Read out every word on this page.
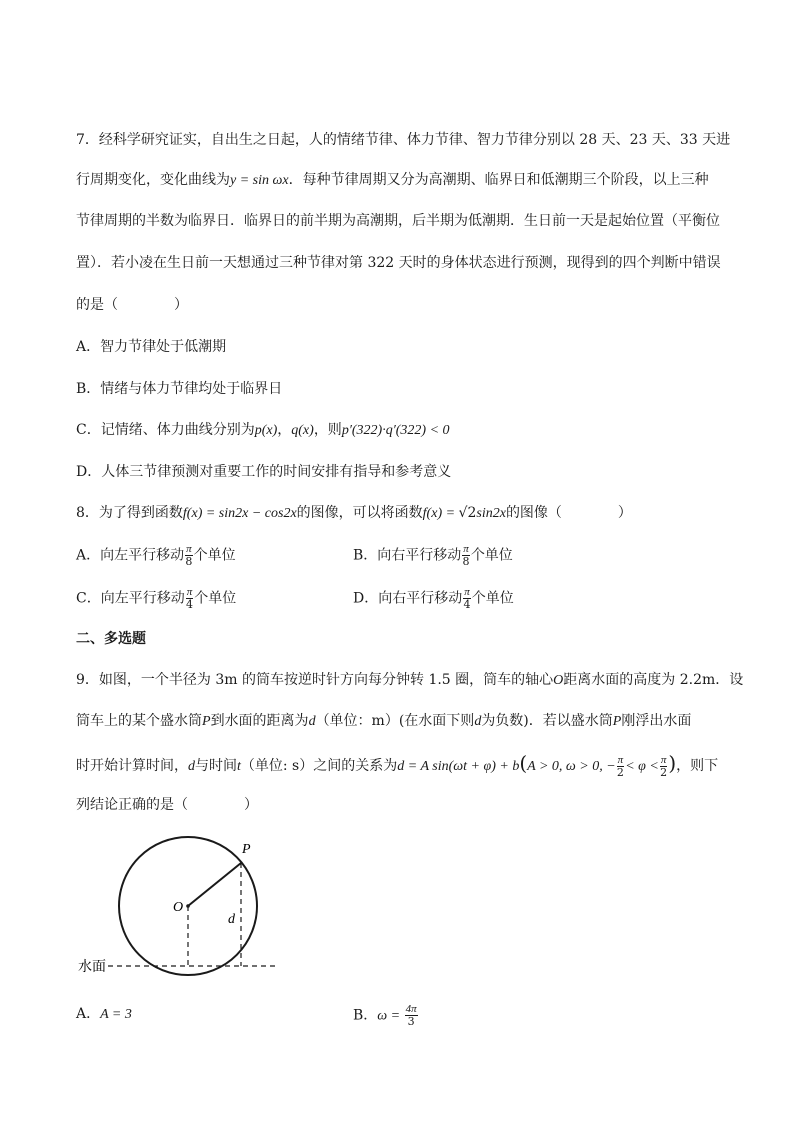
7．经科学研究证实，自出生之日起，人的情绪节律、体力节律、智力节律分别以 28 天、23 天、33 天进
行周期变化，变化曲线为y = sin ωx．每种节律周期又分为高潮期、临界日和低潮期三个阶段，以上三种
节律周期的半数为临界日．临界日的前半期为高潮期，后半期为低潮期．生日前一天是起始位置（平衡位
置）．若小凌在生日前一天想通过三种节律对第 322 天时的身体状态进行预测，现得到的四个判断中错误
的是（　　　　）
A．智力节律处于低潮期
B．情绪与体力节律均处于临界日
C．记情绪、体力曲线分别为p(x)，q(x)，则p′(322)·q′(322) < 0
D．人体三节律预测对重要工作的时间安排有指导和参考意义
8．为了得到函数f(x) = sin2x − cos2x的图像，可以将函数f(x) = √2sin2x的图像（　　　　）
A．向左平行移动 $\frac{\pi}{8}$ 个单位	B．向右平行移动 $\frac{\pi}{8}$ 个单位
C．向左平行移动 $\frac{\pi}{4}$ 个单位	D．向右平行移动 $\frac{\pi}{4}$ 个单位
二、多选题
9．如图，一个半径为 3m 的筒车按逆时针方向每分钟转 1.5 圈，筒车的轴心O距离水面的高度为 2.2m．设
筒车上的某个盛水筒P到水面的距离为d（单位：m）(在水面下则d为负数)．若以盛水筒P刚浮出水面
时开始计算时间，d与时间t（单位: s）之间的关系为d = A sin(ωt + φ) + b(A > 0, ω > 0, − $\frac{\pi}{2} < \varphi < \frac{\pi}{2}$ )，则下
列结论正确的是（　　　　）
P
O
d
水面
A．A = 3	B．$\omega = \frac{4\pi}{3}$
